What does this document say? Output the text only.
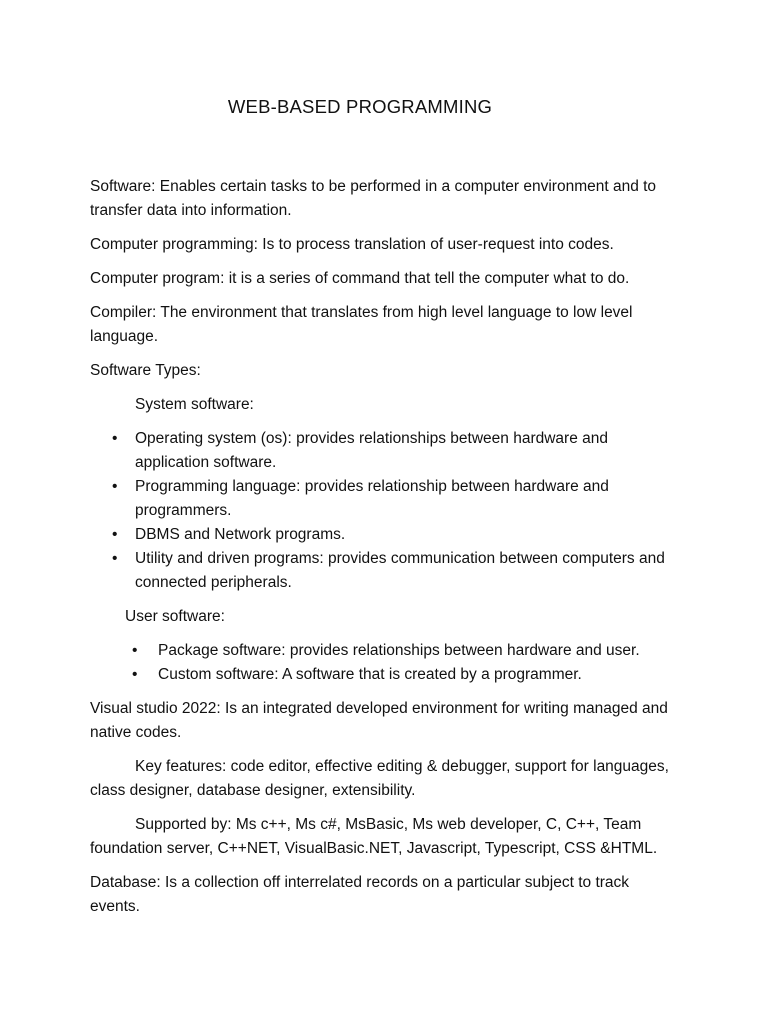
WEB-BASED PROGRAMMING

Software: Enables certain tasks to be performed in a computer environment and to transfer data into information.

Computer programming: Is to process translation of user-request into codes.

Computer program: it is a series of command that tell the computer what to do.

Compiler: The environment that translates from high level language to low level language.

Software Types:

System software:

• Operating system (os): provides relationships between hardware and application software.
• Programming language: provides relationship between hardware and programmers.
• DBMS and Network programs.
• Utility and driven programs: provides communication between computers and connected peripherals.

User software:

• Package software: provides relationships between hardware and user.
• Custom software: A software that is created by a programmer.

Visual studio 2022: Is an integrated developed environment for writing managed and native codes.

Key features: code editor, effective editing & debugger, support for languages, class designer, database designer, extensibility.

Supported by: Ms c++, Ms c#, MsBasic, Ms web developer, C, C++, Team foundation server, C++NET, VisualBasic.NET, Javascript, Typescript, CSS &HTML.

Database: Is a collection off interrelated records on a particular subject to track events.
